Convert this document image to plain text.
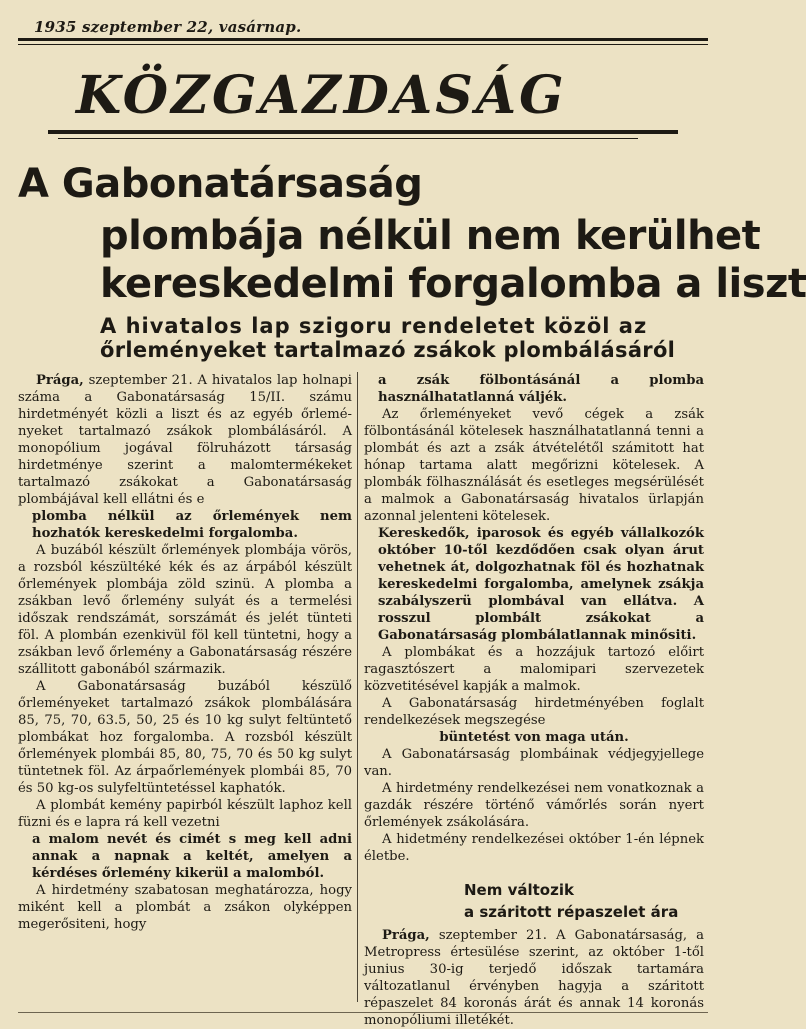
1935 szeptember 22, vasárnap.
KÖZGAZDASÁG
A Gabonatársaság
plombája nélkül nem kerülhet
kereskedelmi forgalomba a liszt
A hivatalos lap szigoru rendeletet közöl az
őrleményeket tartalmazó zsákok plombálásáról

Prága, szeptember 21. A hivatalos lap holnapi száma a Gabonatársaság 15/II. számu hirdetményét közli a liszt és az egyéb őrlemé-nyeket tartalmazó zsákok plombálásáról. A monopólium jogával fölruházott társaság hirdetménye szerint a malomtermékeket tartalmazó zsákokat a Gabonatársaság plombájával kell ellátni és e

plomba nélkül az őrlemények nem hozhatók kereskedelmi forgalomba.

A buzából készült őrlemények plombája vörös, a rozsból készültéké kék és az árpából készült őrlemények plombája zöld szinü. A plomba a zsákban levő őrlemény sulyát és a termelési időszak rendszámát, sorszámát és jelét tünteti föl. A plombán ezenkivül föl kell tüntetni, hogy a zsákban levő őrlemény a Gabonatársaság részére szállitott gabonából származik.

A Gabonatársaság buzából készülő őrleményeket tartalmazó zsákok plombálására 85, 75, 70, 63.5, 50, 25 és 10 kg sulyt feltüntető plombákat hoz forgalomba. A rozsból készült őrlemények plombái 85, 80, 75, 70 és 50 kg sulyt tüntetnek föl. Az árpaőrlemények plombái 85, 70 és 50 kg-os sulyfeltüntetéssel kaphatók.

A plombát kemény papirból készült laphoz kell füzni és e lapra rá kell vezetni

a malom nevét és cimét s meg kell adni annak a napnak a keltét, amelyen a kérdéses őrlemény kikerül a malomból.

A hirdetmény szabatosan meghatározza, hogy miként kell a plombát a zsákon olyképpen megerősiteni, hogy

a zsák fölbontásánál a plomba használhatatlanná váljék.

Az őrleményeket vevő cégek a zsák fölbontásánál kötelesek használhatatlanná tenni a plombát és azt a zsák átvételétől számitott hat hónap tartama alatt megőrizni kötelesek. A plombák fölhasználását és esetleges megsérülését a malmok a Gabonatársaság hivatalos ürlapján azonnal jelenteni kötelesek.

Kereskedők, iparosok és egyéb vállalkozók október 10-től kezdődően csak olyan árut vehetnek át, dolgozhatnak föl és hozhatnak kereskedelmi forgalomba, amelynek zsákja szabályszerü plombával van ellátva. A rosszul plombált zsákokat a Gabonatársaság plombálatlannak minősiti.

A plombákat és a hozzájuk tartozó előirt ragasztószert a malomipari szervezetek közvetitésével kapják a malmok.

A Gabonatársaság hirdetményében foglalt rendelkezések megszegése

büntetést von maga után.

A Gabonatársaság plombáinak védjegyjellege van.

A hirdetmény rendelkezései nem vonatkoznak a gazdák részére történő vámőrlés során nyert őrlemények zsákolására.

A hidetmény rendelkezései október 1-én lépnek életbe.

Nem változik
a száritott répaszelet ára

Prága, szeptember 21. A Gabonatársaság, a Metropress értesülése szerint, az október 1-től junius 30-ig terjedő időszak tartamára változatlanul érvényben hagyja a száritott répaszelet 84 koronás árát és annak 14 koronás monopóliumi illetékét.
